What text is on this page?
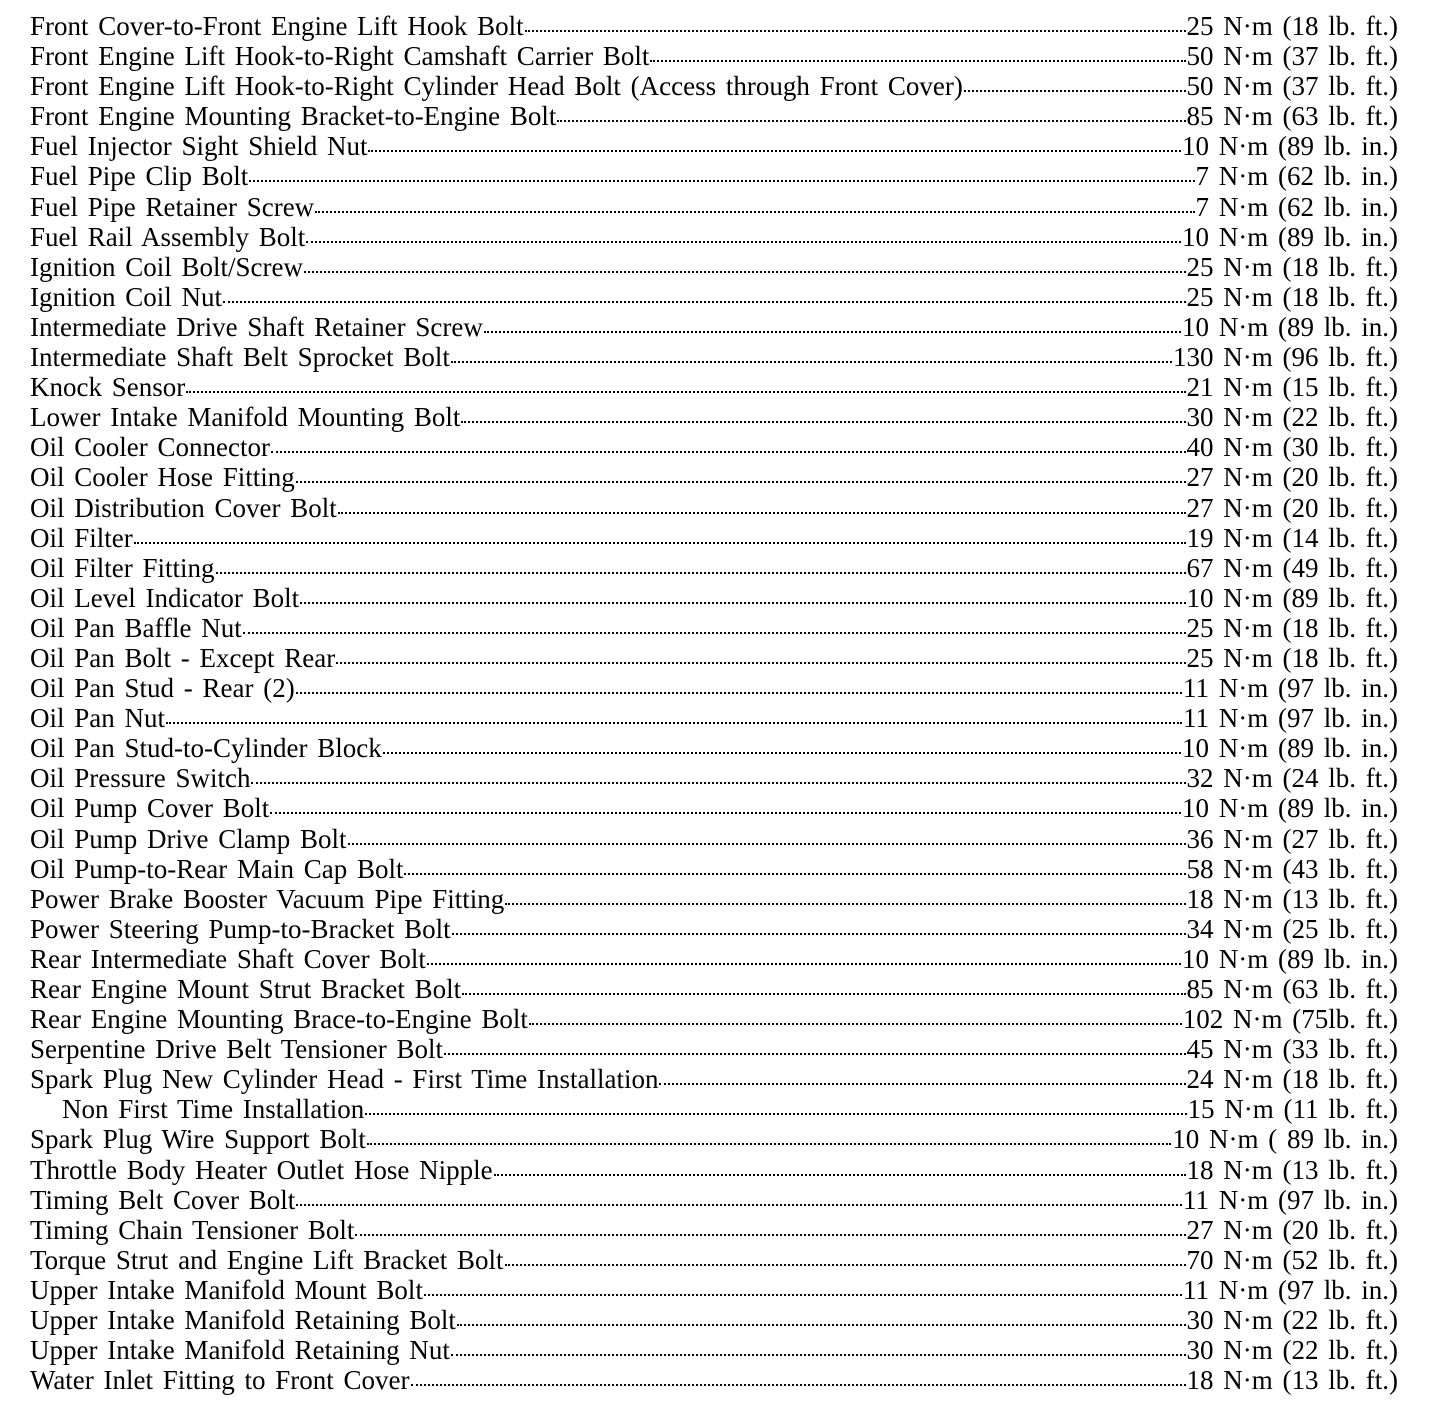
Front Cover-to-Front Engine Lift Hook Bolt	25 N·m (18 lb. ft.)
Front Engine Lift Hook-to-Right Camshaft Carrier Bolt	50 N·m (37 lb. ft.)
Front Engine Lift Hook-to-Right Cylinder Head Bolt (Access through Front Cover)	50 N·m (37 lb. ft.)
Front Engine Mounting Bracket-to-Engine Bolt	85 N·m (63 lb. ft.)
Fuel Injector Sight Shield Nut	10 N·m (89 lb. in.)
Fuel Pipe Clip Bolt	7 N·m (62 lb. in.)
Fuel Pipe Retainer Screw	7 N·m (62 lb. in.)
Fuel Rail Assembly Bolt	10 N·m (89 lb. in.)
Ignition Coil Bolt/Screw	25 N·m (18 lb. ft.)
Ignition Coil Nut	25 N·m (18 lb. ft.)
Intermediate Drive Shaft Retainer Screw	10 N·m (89 lb. in.)
Intermediate Shaft Belt Sprocket Bolt	130 N·m (96 lb. ft.)
Knock Sensor	21 N·m (15 lb. ft.)
Lower Intake Manifold Mounting Bolt	30 N·m (22 lb. ft.)
Oil Cooler Connector	40 N·m (30 lb. ft.)
Oil Cooler Hose Fitting	27 N·m (20 lb. ft.)
Oil Distribution Cover Bolt	27 N·m (20 lb. ft.)
Oil Filter	19 N·m (14 lb. ft.)
Oil Filter Fitting	67 N·m (49 lb. ft.)
Oil Level Indicator Bolt	10 N·m (89 lb. ft.)
Oil Pan Baffle Nut	25 N·m (18 lb. ft.)
Oil Pan Bolt - Except Rear	25 N·m (18 lb. ft.)
Oil Pan Stud - Rear (2)	11 N·m (97 lb. in.)
Oil Pan Nut	11 N·m (97 lb. in.)
Oil Pan Stud-to-Cylinder Block	10 N·m (89 lb. in.)
Oil Pressure Switch	32 N·m (24 lb. ft.)
Oil Pump Cover Bolt	10 N·m (89 lb. in.)
Oil Pump Drive Clamp Bolt	36 N·m (27 lb. ft.)
Oil Pump-to-Rear Main Cap Bolt	58 N·m (43 lb. ft.)
Power Brake Booster Vacuum Pipe Fitting	18 N·m (13 lb. ft.)
Power Steering Pump-to-Bracket Bolt	34 N·m (25 lb. ft.)
Rear Intermediate Shaft Cover Bolt	10 N·m (89 lb. in.)
Rear Engine Mount Strut Bracket Bolt	85 N·m (63 lb. ft.)
Rear Engine Mounting Brace-to-Engine Bolt	102 N·m (75lb. ft.)
Serpentine Drive Belt Tensioner Bolt	45 N·m (33 lb. ft.)
Spark Plug New Cylinder Head - First Time Installation	24 N·m (18 lb. ft.)
Non First Time Installation	15 N·m (11 lb. ft.)
Spark Plug Wire Support Bolt	10 N·m ( 89 lb. in.)
Throttle Body Heater Outlet Hose Nipple	18 N·m (13 lb. ft.)
Timing Belt Cover Bolt	11 N·m (97 lb. in.)
Timing Chain Tensioner Bolt	27 N·m (20 lb. ft.)
Torque Strut and Engine Lift Bracket Bolt	70 N·m (52 lb. ft.)
Upper Intake Manifold Mount Bolt	11 N·m (97 lb. in.)
Upper Intake Manifold Retaining Bolt	30 N·m (22 lb. ft.)
Upper Intake Manifold Retaining Nut	30 N·m (22 lb. ft.)
Water Inlet Fitting to Front Cover	18 N·m (13 lb. ft.)
